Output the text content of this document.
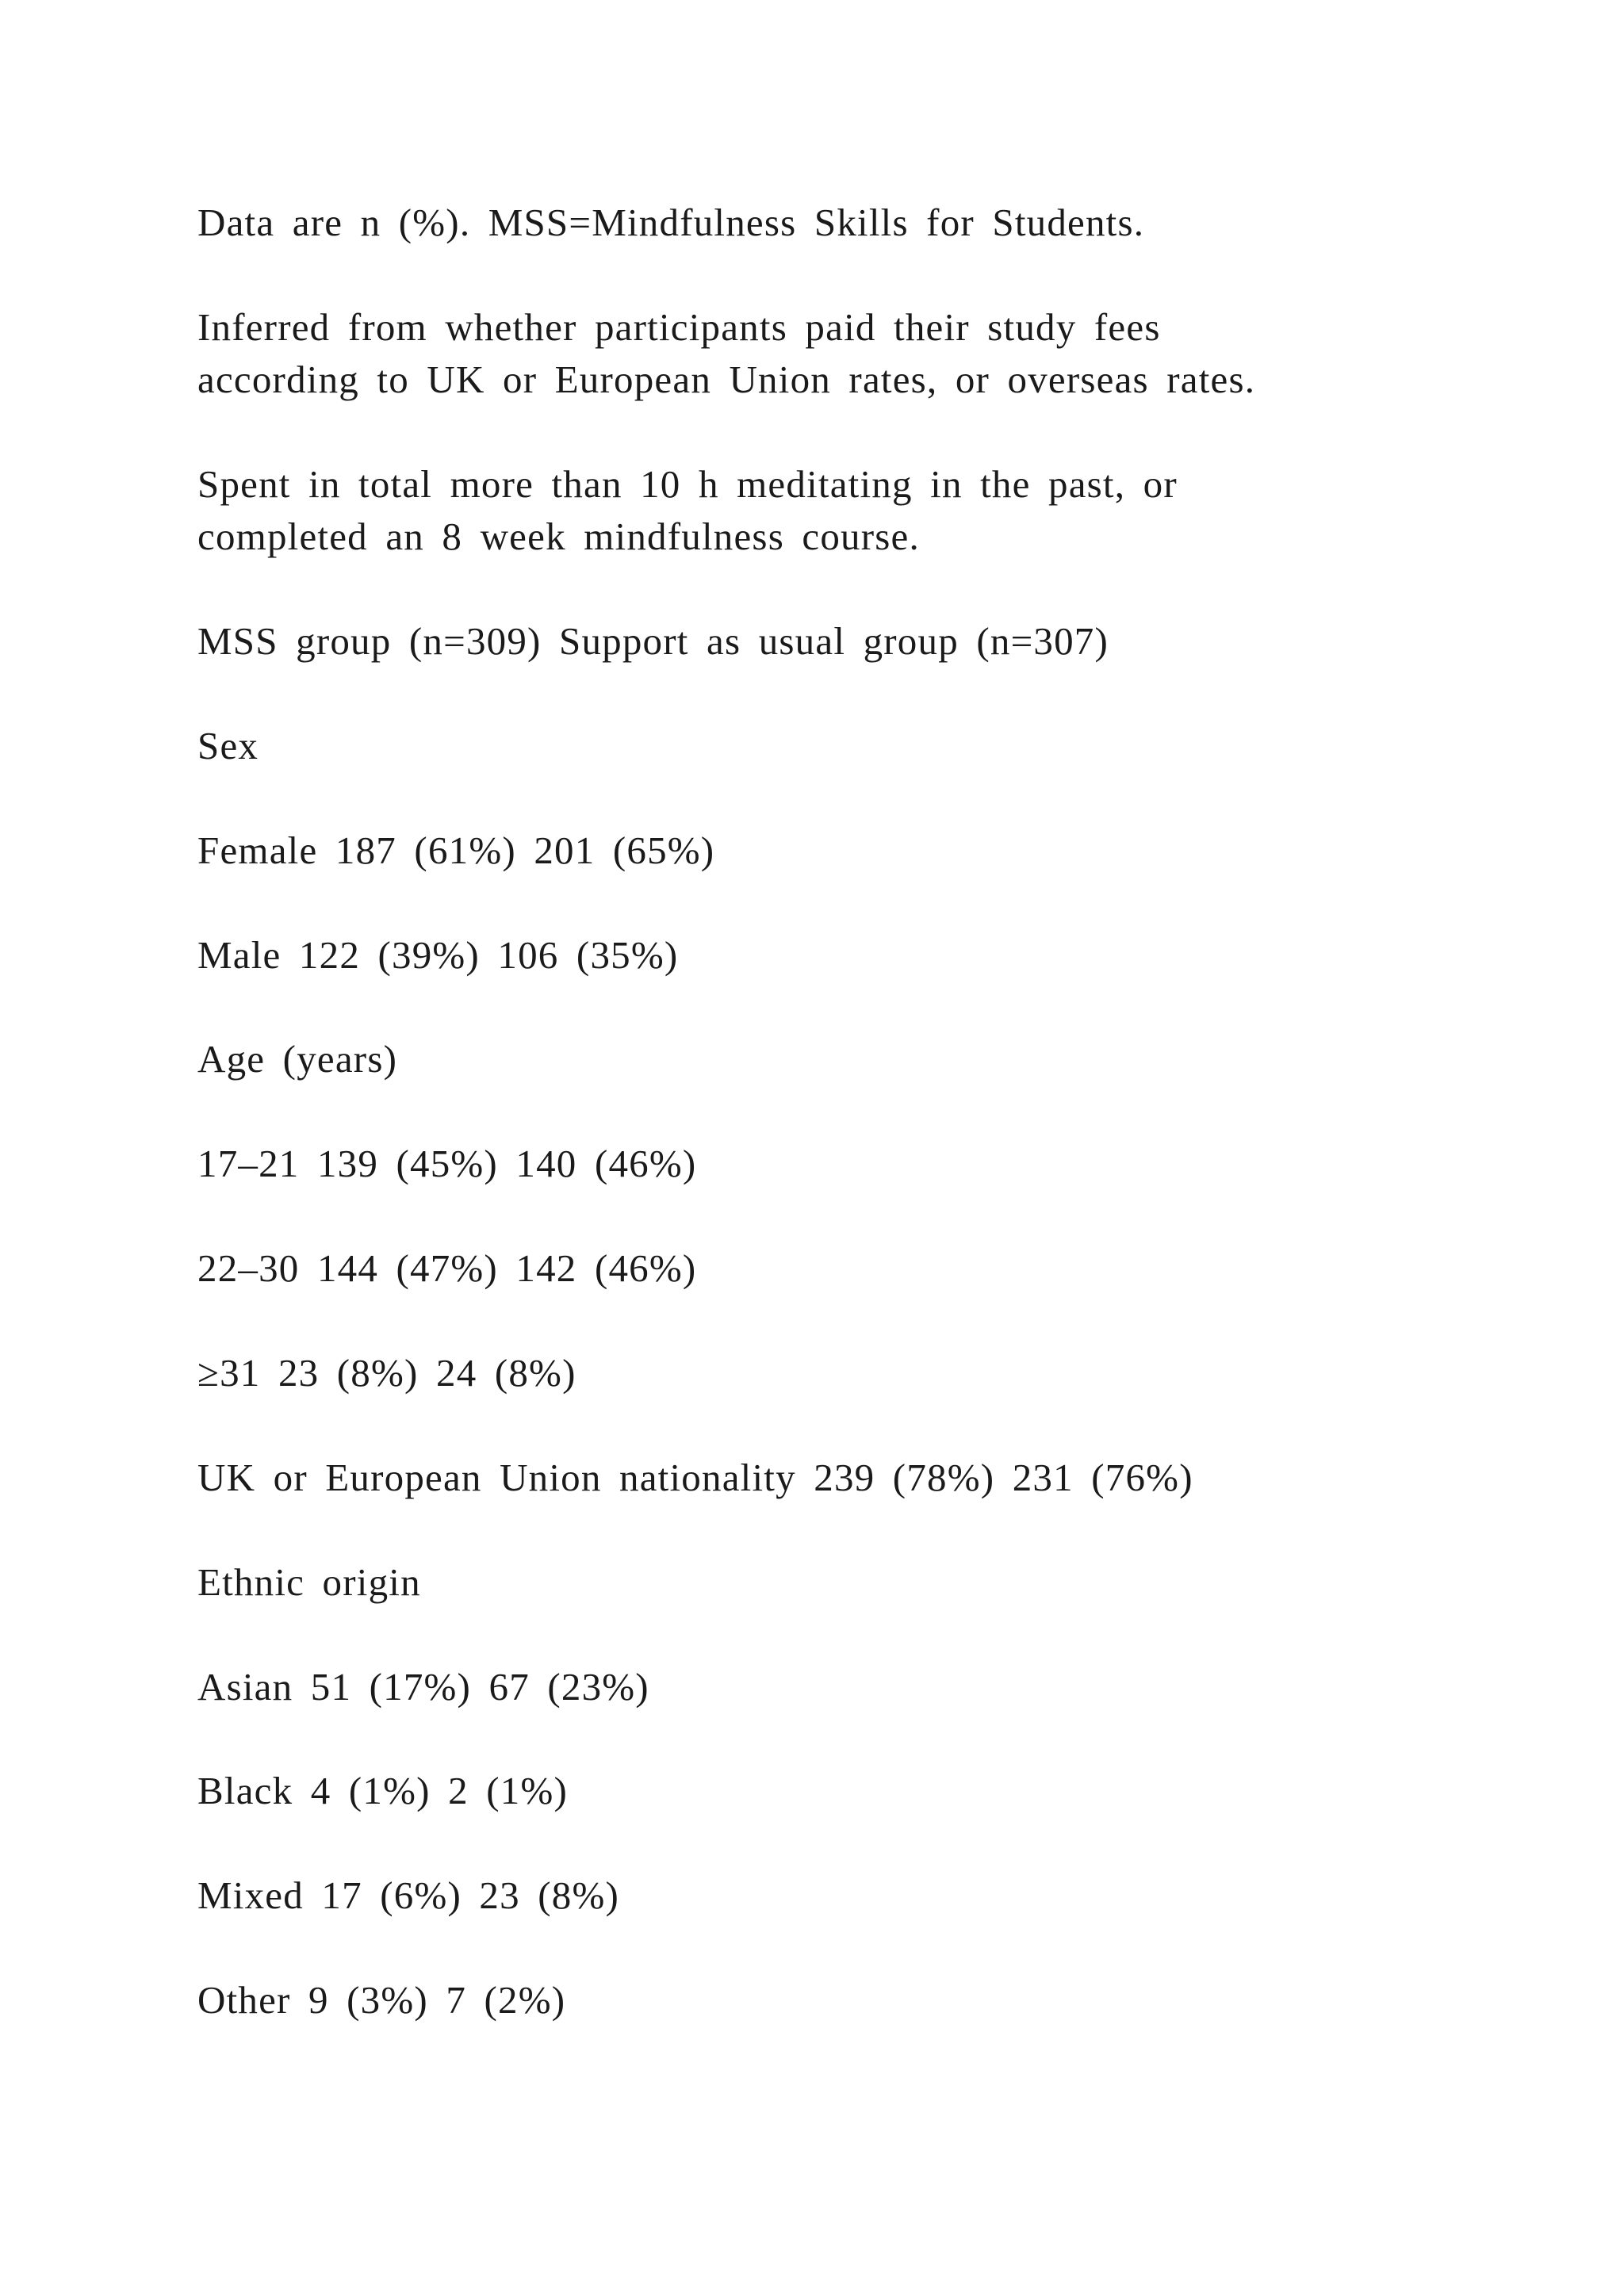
Data are n (%). MSS=Mindfulness Skills for Students.

Inferred from whether participants paid their study fees
according to UK or European Union rates, or overseas rates.

Spent in total more than 10 h meditating in the past, or
completed an 8 week mindfulness course.

MSS group (n=309) Support as usual group (n=307)

Sex

Female 187 (61%) 201 (65%)

Male 122 (39%) 106 (35%)

Age (years)

17–21 139 (45%) 140 (46%)

22–30 144 (47%) 142 (46%)

≥31 23 (8%) 24 (8%)

UK or European Union nationality 239 (78%) 231 (76%)

Ethnic origin

Asian 51 (17%) 67 (23%)

Black 4 (1%) 2 (1%)

Mixed 17 (6%) 23 (8%)

Other 9 (3%) 7 (2%)
